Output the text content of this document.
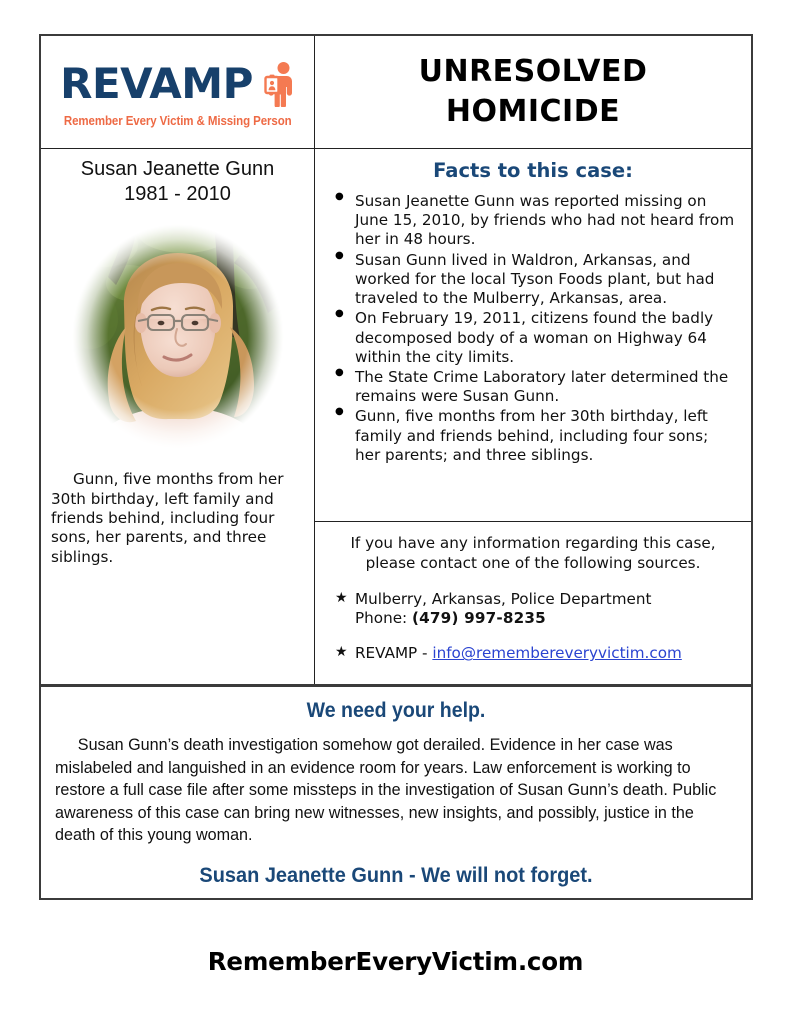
REVAMP
Remember Every Victim & Missing Person
UNRESOLVED
HOMICIDE
Susan Jeanette Gunn
1981 - 2010
Gunn, five months from her 30th birthday, left family and friends behind, including four sons, her parents, and three siblings.
Facts to this case:
● Susan Jeanette Gunn was reported missing on June 15, 2010, by friends who had not heard from her in 48 hours.
● Susan Gunn lived in Waldron, Arkansas, and worked for the local Tyson Foods plant, but had traveled to the Mulberry, Arkansas, area.
● On February 19, 2011, citizens found the badly decomposed body of a woman on Highway 64 within the city limits.
● The State Crime Laboratory later determined the remains were Susan Gunn.
● Gunn, five months from her 30th birthday, left family and friends behind, including four sons; her parents; and three siblings.
If you have any information regarding this case, please contact one of the following sources.
★ Mulberry, Arkansas, Police Department
Phone: (479) 997-8235
★ REVAMP - info@remembereveryvictim.com
We need your help.
Susan Gunn’s death investigation somehow got derailed. Evidence in her case was mislabeled and languished in an evidence room for years. Law enforcement is working to restore a full case file after some missteps in the investigation of Susan Gunn’s death. Public awareness of this case can bring new witnesses, new insights, and possibly, justice in the death of this young woman.
Susan Jeanette Gunn - We will not forget.
RememberEveryVictim.com
